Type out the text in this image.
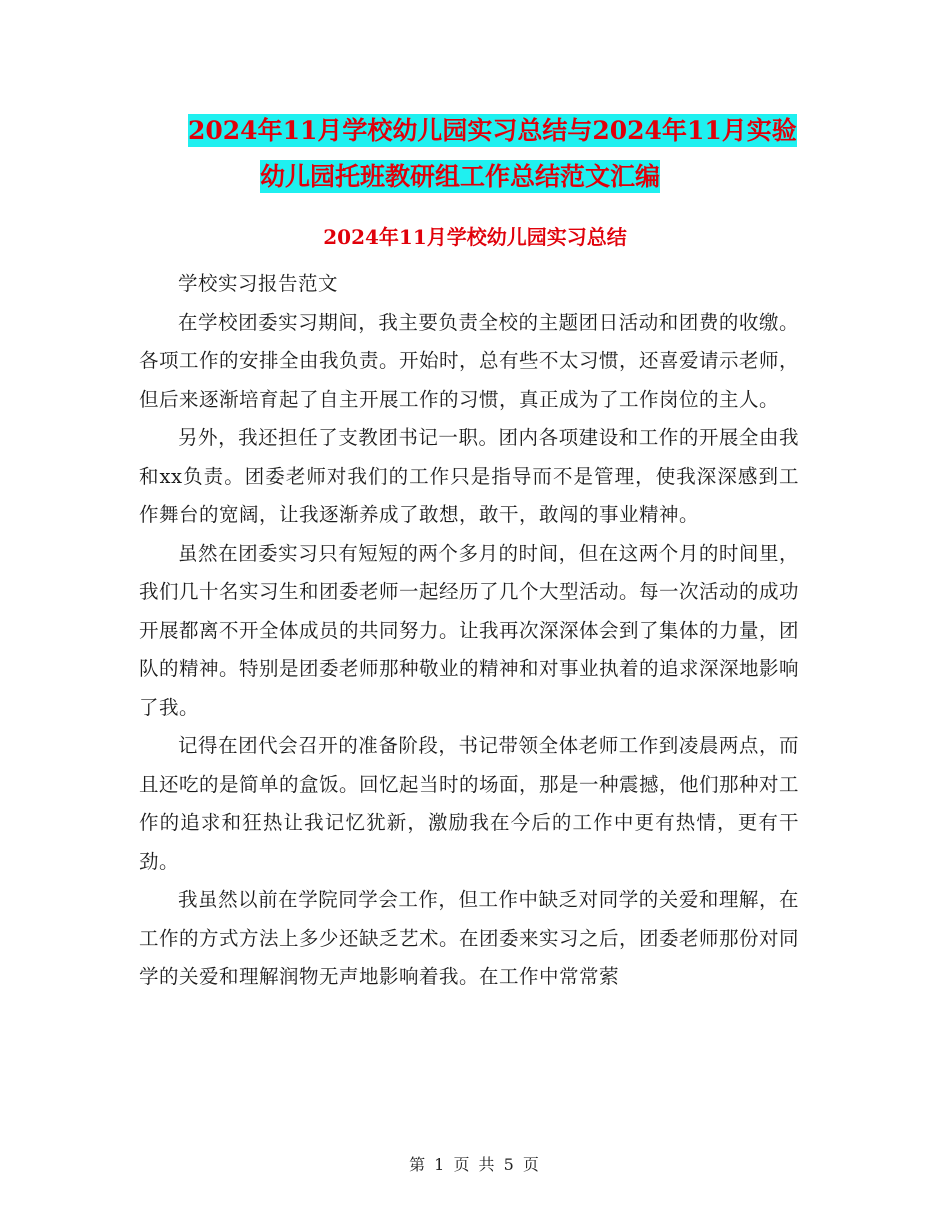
2024年11月学校幼儿园实习总结与2024年11月实验
幼儿园托班教研组工作总结范文汇编
2024年11月学校幼儿园实习总结

学校实习报告范文

在学校团委实习期间，我主要负责全校的主题团日活动和团费的收缴。各项工作的安排全由我负责。开始时，总有些不太习惯，还喜爱请示老师，但后来逐渐培育起了自主开展工作的习惯，真正成为了工作岗位的主人。

另外，我还担任了支教团书记一职。团内各项建设和工作的开展全由我和xx负责。团委老师对我们的工作只是指导而不是管理，使我深深感到工作舞台的宽阔，让我逐渐养成了敢想，敢干，敢闯的事业精神。

虽然在团委实习只有短短的两个多月的时间，但在这两个月的时间里，我们几十名实习生和团委老师一起经历了几个大型活动。每一次活动的成功开展都离不开全体成员的共同努力。让我再次深深体会到了集体的力量，团队的精神。特别是团委老师那种敬业的精神和对事业执着的追求深深地影响了我。

记得在团代会召开的准备阶段，书记带领全体老师工作到凌晨两点，而且还吃的是简单的盒饭。回忆起当时的场面，那是一种震撼，他们那种对工作的追求和狂热让我记忆犹新，激励我在今后的工作中更有热情，更有干劲。

我虽然以前在学院同学会工作，但工作中缺乏对同学的关爱和理解，在工作的方式方法上多少还缺乏艺术。在团委来实习之后，团委老师那份对同学的关爱和理解润物无声地影响着我。在工作中常常萦

第 1 页 共 5 页
